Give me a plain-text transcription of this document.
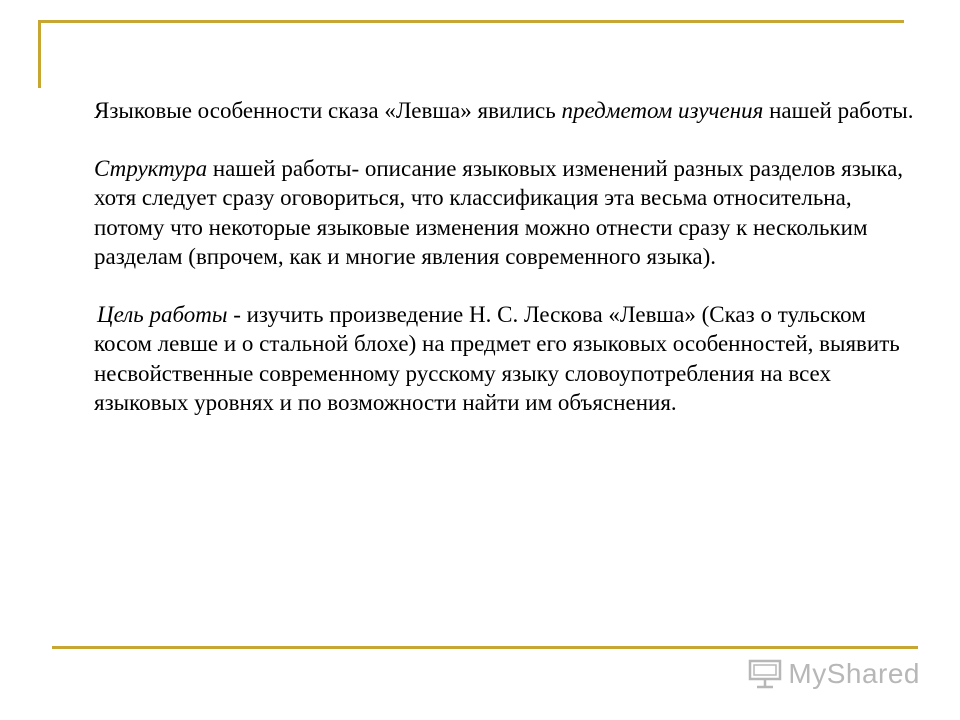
Языковые особенности сказа «Левша» явились предметом изучения нашей работы.

Структура нашей работы- описание языковых изменений разных разделов языка, хотя следует сразу оговориться, что классификация эта весьма относительна, потому что некоторые языковые изменения можно отнести сразу к нескольким разделам (впрочем, как и многие явления современного языка).

Цель работы - изучить произведение Н. С. Лескова «Левша» (Сказ о тульском косом левше и о стальной блохе) на предмет его языковых особенностей, выявить несвойственные современному русскому языку словоупотребления на всех языковых уровнях и по возможности найти им объяснения.

MyShared
